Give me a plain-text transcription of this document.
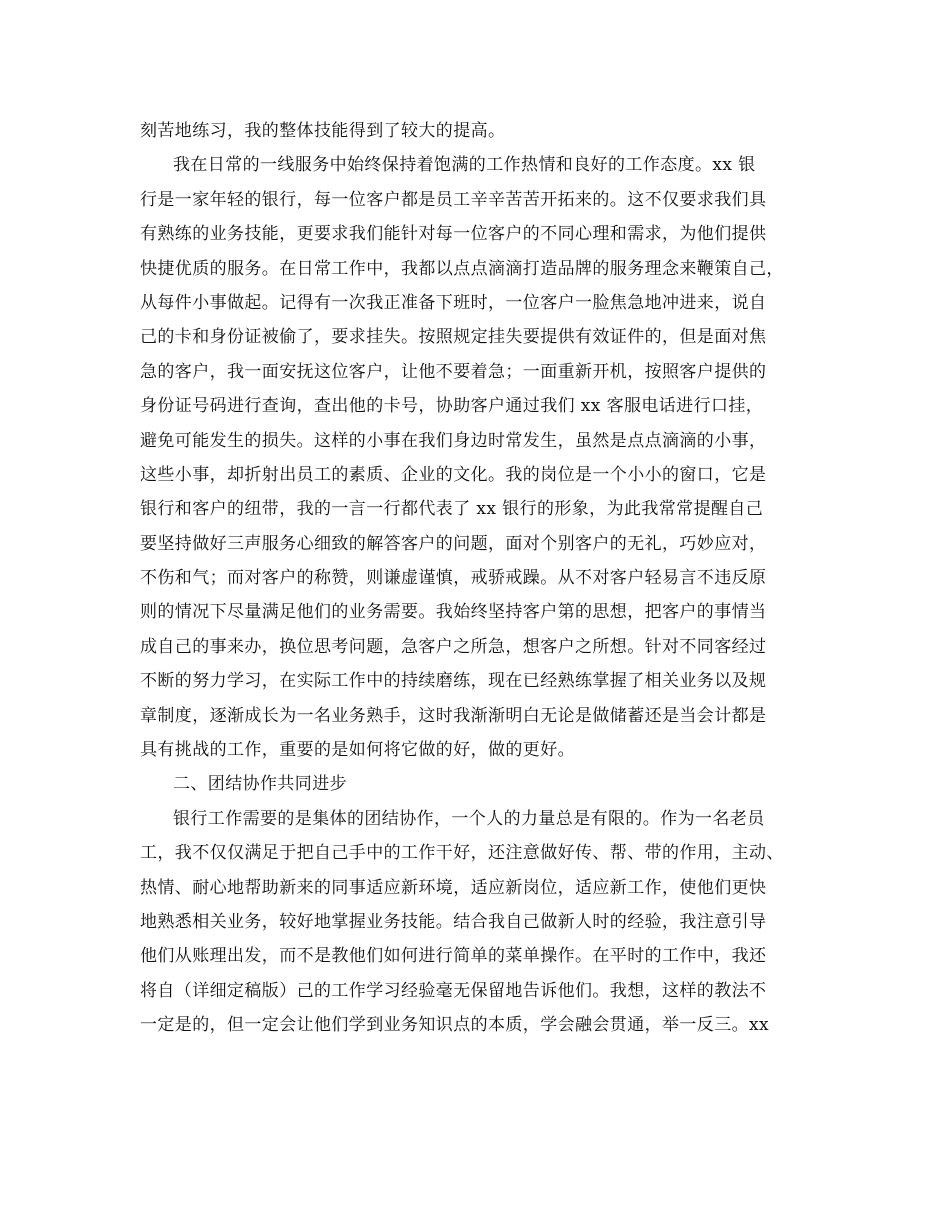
刻苦地练习，我的整体技能得到了较大的提高。
我在日常的一线服务中始终保持着饱满的工作热情和良好的工作态度。xx 银
行是一家年轻的银行，每一位客户都是员工辛辛苦苦开拓来的。这不仅要求我们具
有熟练的业务技能，更要求我们能针对每一位客户的不同心理和需求，为他们提供
快捷优质的服务。在日常工作中，我都以点点滴滴打造品牌的服务理念来鞭策自己，
从每件小事做起。记得有一次我正准备下班时，一位客户一脸焦急地冲进来，说自
己的卡和身份证被偷了，要求挂失。按照规定挂失要提供有效证件的，但是面对焦
急的客户，我一面安抚这位客户，让他不要着急；一面重新开机，按照客户提供的
身份证号码进行查询，查出他的卡号，协助客户通过我们 xx 客服电话进行口挂，
避免可能发生的损失。这样的小事在我们身边时常发生，虽然是点点滴滴的小事，
这些小事，却折射出员工的素质、企业的文化。我的岗位是一个小小的窗口，它是
银行和客户的纽带，我的一言一行都代表了 xx 银行的形象，为此我常常提醒自己
要坚持做好三声服务心细致的解答客户的问题，面对个别客户的无礼，巧妙应对，
不伤和气；而对客户的称赞，则谦虚谨慎，戒骄戒躁。从不对客户轻易言不违反原
则的情况下尽量满足他们的业务需要。我始终坚持客户第的思想，把客户的事情当
成自己的事来办，换位思考问题，急客户之所急，想客户之所想。针对不同客经过
不断的努力学习，在实际工作中的持续磨练，现在已经熟练掌握了相关业务以及规
章制度，逐渐成长为一名业务熟手，这时我渐渐明白无论是做储蓄还是当会计都是
具有挑战的工作，重要的是如何将它做的好，做的更好。
二、团结协作共同进步
银行工作需要的是集体的团结协作，一个人的力量总是有限的。作为一名老员
工，我不仅仅满足于把自己手中的工作干好，还注意做好传、帮、带的作用，主动、
热情、耐心地帮助新来的同事适应新环境，适应新岗位，适应新工作，使他们更快
地熟悉相关业务，较好地掌握业务技能。结合我自己做新人时的经验，我注意引导
他们从账理出发，而不是教他们如何进行简单的菜单操作。在平时的工作中，我还
将自（详细定稿版）己的工作学习经验毫无保留地告诉他们。我想，这样的教法不
一定是的，但一定会让他们学到业务知识点的本质，学会融会贯通，举一反三。xx
